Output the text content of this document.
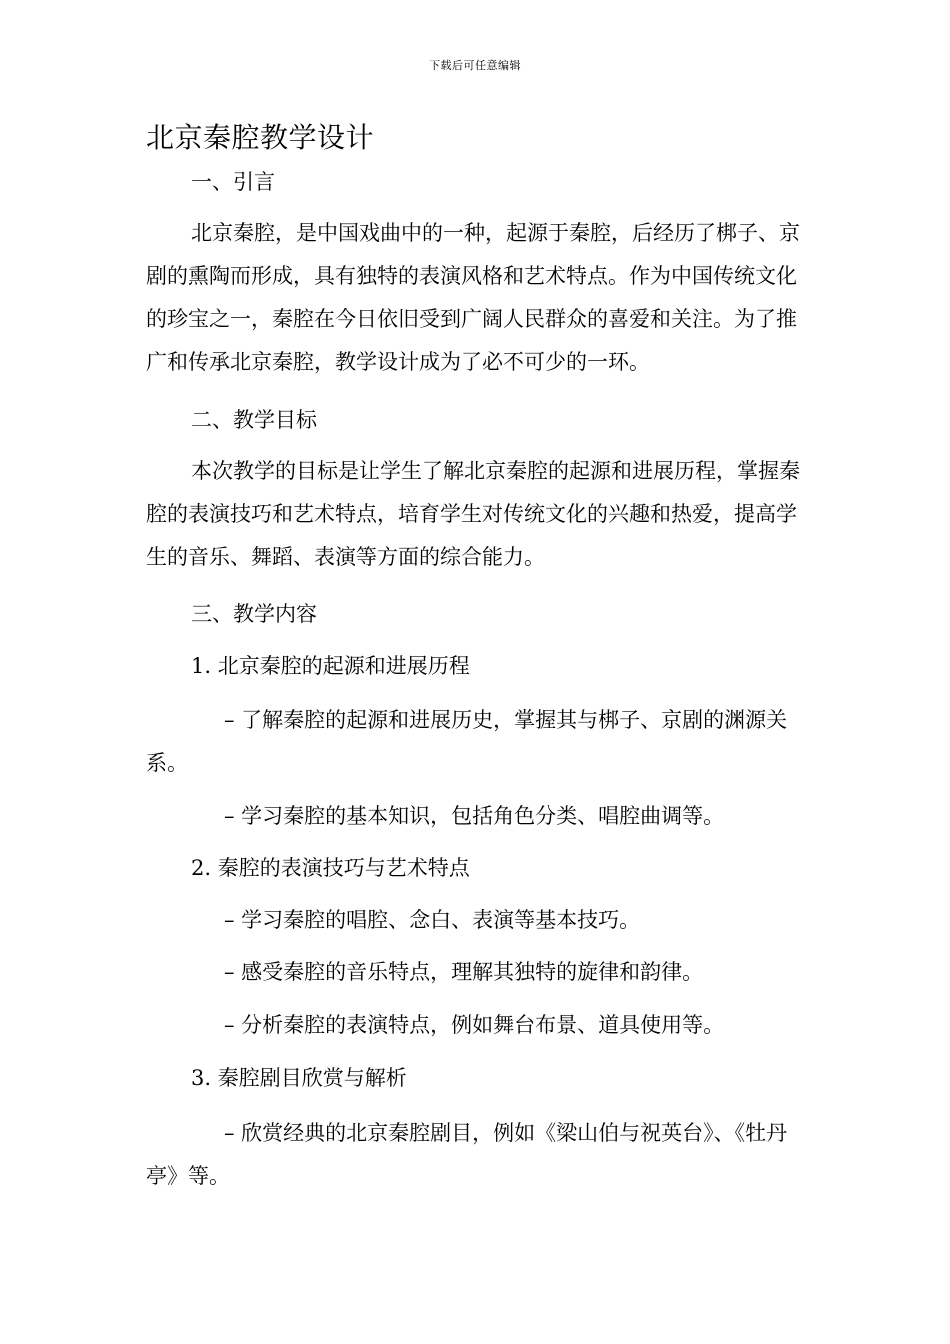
下载后可任意编辑
北京秦腔教学设计
一、引言
北京秦腔，是中国戏曲中的一种，起源于秦腔，后经历了梆子、京剧的熏陶而形成，具有独特的表演风格和艺术特点。作为中国传统文化的珍宝之一，秦腔在今日依旧受到广阔人民群众的喜爱和关注。为了推广和传承北京秦腔，教学设计成为了必不可少的一环。
二、教学目标
本次教学的目标是让学生了解北京秦腔的起源和进展历程，掌握秦腔的表演技巧和艺术特点，培育学生对传统文化的兴趣和热爱，提高学生的音乐、舞蹈、表演等方面的综合能力。
三、教学内容
1. 北京秦腔的起源和进展历程
– 了解秦腔的起源和进展历史，掌握其与梆子、京剧的渊源关系。
– 学习秦腔的基本知识，包括角色分类、唱腔曲调等。
2. 秦腔的表演技巧与艺术特点
– 学习秦腔的唱腔、念白、表演等基本技巧。
– 感受秦腔的音乐特点，理解其独特的旋律和韵律。
– 分析秦腔的表演特点，例如舞台布景、道具使用等。
3. 秦腔剧目欣赏与解析
– 欣赏经典的北京秦腔剧目，例如《梁山伯与祝英台》、《牡丹亭》等。
